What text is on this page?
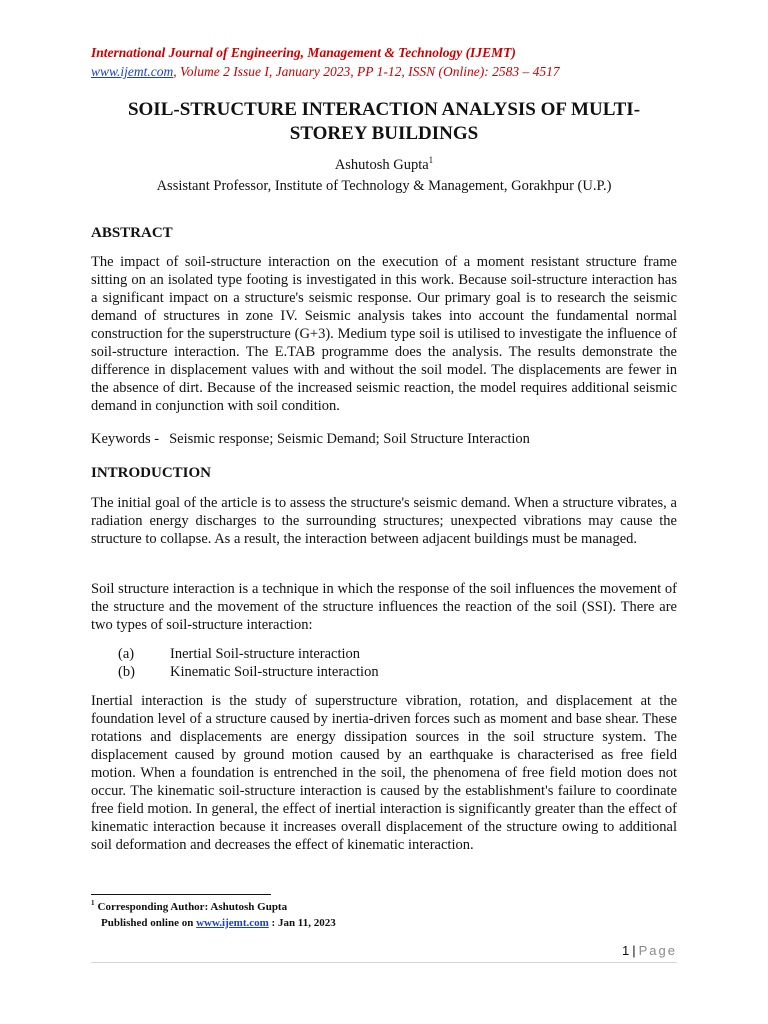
International Journal of Engineering, Management & Technology (IJEMT)
www.ijemt.com, Volume 2 Issue I, January 2023, PP 1-12, ISSN (Online): 2583 – 4517
SOIL-STRUCTURE INTERACTION ANALYSIS OF MULTI-STOREY BUILDINGS
Ashutosh Gupta$^1$
Assistant Professor, Institute of Technology & Management, Gorakhpur (U.P.)
ABSTRACT

The impact of soil-structure interaction on the execution of a moment resistant structure frame sitting on an isolated type footing is investigated in this work. Because soil-structure interaction has a significant impact on a structure's seismic response. Our primary goal is to research the seismic demand of structures in zone IV. Seismic analysis takes into account the fundamental normal construction for the superstructure (G+3). Medium type soil is utilised to investigate the influence of soil-structure interaction. The E.TAB programme does the analysis. The results demonstrate the difference in displacement values with and without the soil model. The displacements are fewer in the absence of dirt. Because of the increased seismic reaction, the model requires additional seismic demand in conjunction with soil condition.

Keywords - Seismic response; Seismic Demand; Soil Structure Interaction

INTRODUCTION

The initial goal of the article is to assess the structure's seismic demand. When a structure vibrates, a radiation energy discharges to the surrounding structures; unexpected vibrations may cause the structure to collapse. As a result, the interaction between adjacent buildings must be managed.

Soil structure interaction is a technique in which the response of the soil influences the movement of the structure and the movement of the structure influences the reaction of the soil (SSI). There are two types of soil-structure interaction:

(a)	Inertial Soil-structure interaction
(b)	Kinematic Soil-structure interaction

Inertial interaction is the study of superstructure vibration, rotation, and displacement at the foundation level of a structure caused by inertia-driven forces such as moment and base shear. These rotations and displacements are energy dissipation sources in the soil structure system. The displacement caused by ground motion caused by an earthquake is characterised as free field motion. When a foundation is entrenched in the soil, the phenomena of free field motion does not occur. The kinematic soil-structure interaction is caused by the establishment's failure to coordinate free field motion. In general, the effect of inertial interaction is significantly greater than the effect of kinematic interaction because it increases overall displacement of the structure owing to additional soil deformation and decreases the effect of kinematic interaction.

$^1$ Corresponding Author: Ashutosh Gupta
Published online on www.ijemt.com : Jan 11, 2023
1 | Page
